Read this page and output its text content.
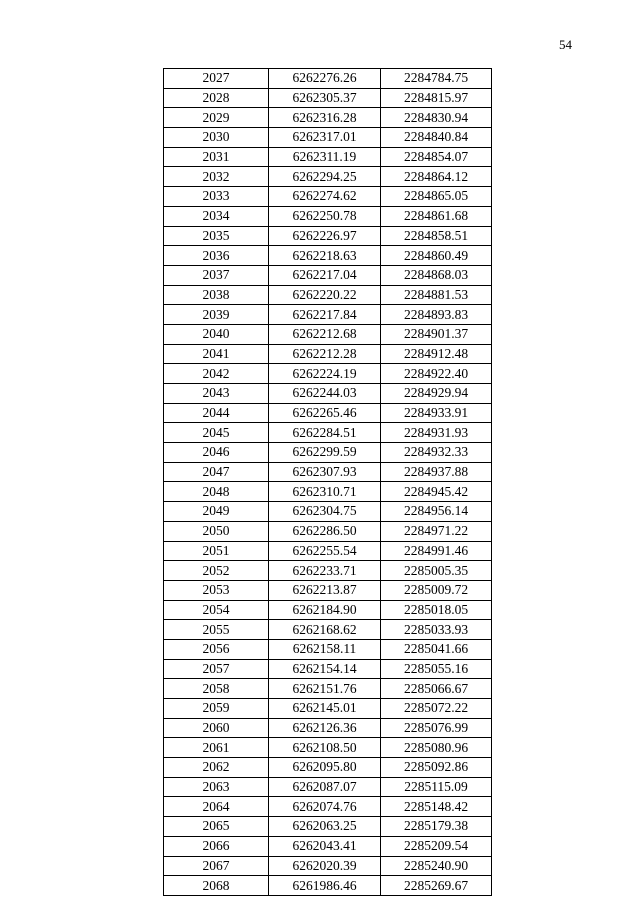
54
2027	6262276.26	2284784.75
2028	6262305.37	2284815.97
2029	6262316.28	2284830.94
2030	6262317.01	2284840.84
2031	6262311.19	2284854.07
2032	6262294.25	2284864.12
2033	6262274.62	2284865.05
2034	6262250.78	2284861.68
2035	6262226.97	2284858.51
2036	6262218.63	2284860.49
2037	6262217.04	2284868.03
2038	6262220.22	2284881.53
2039	6262217.84	2284893.83
2040	6262212.68	2284901.37
2041	6262212.28	2284912.48
2042	6262224.19	2284922.40
2043	6262244.03	2284929.94
2044	6262265.46	2284933.91
2045	6262284.51	2284931.93
2046	6262299.59	2284932.33
2047	6262307.93	2284937.88
2048	6262310.71	2284945.42
2049	6262304.75	2284956.14
2050	6262286.50	2284971.22
2051	6262255.54	2284991.46
2052	6262233.71	2285005.35
2053	6262213.87	2285009.72
2054	6262184.90	2285018.05
2055	6262168.62	2285033.93
2056	6262158.11	2285041.66
2057	6262154.14	2285055.16
2058	6262151.76	2285066.67
2059	6262145.01	2285072.22
2060	6262126.36	2285076.99
2061	6262108.50	2285080.96
2062	6262095.80	2285092.86
2063	6262087.07	2285115.09
2064	6262074.76	2285148.42
2065	6262063.25	2285179.38
2066	6262043.41	2285209.54
2067	6262020.39	2285240.90
2068	6261986.46	2285269.67
